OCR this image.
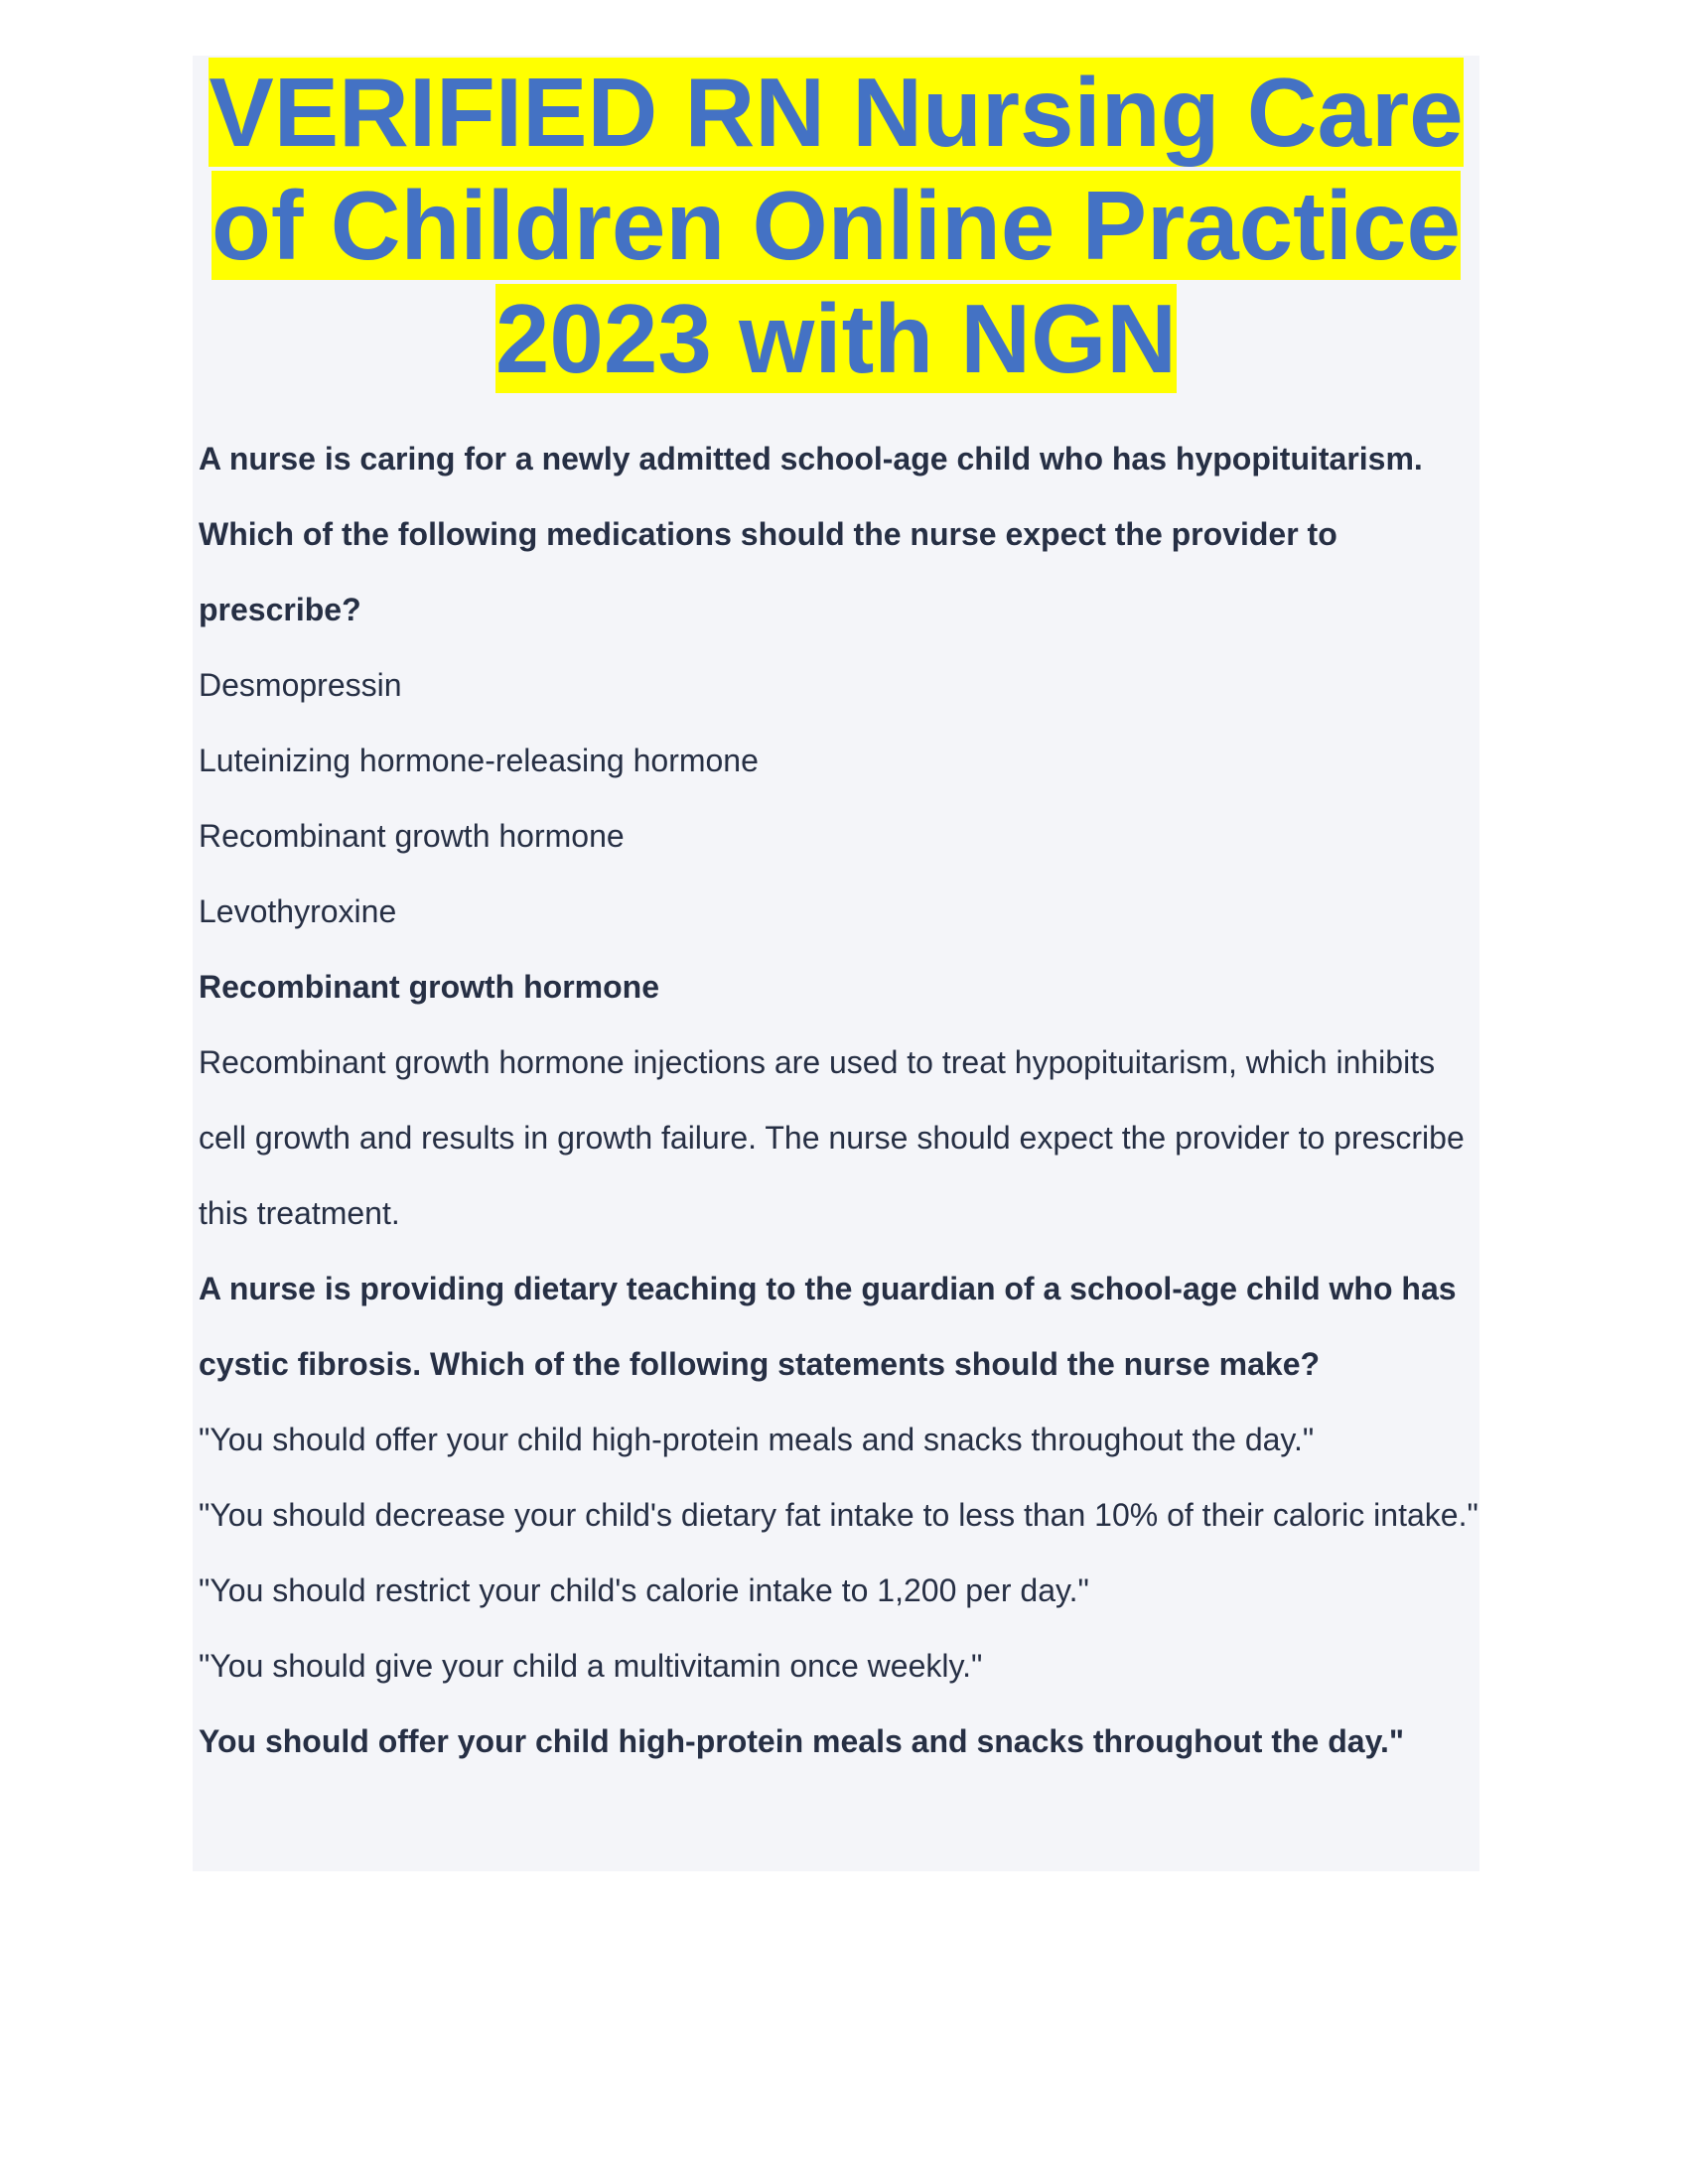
VERIFIED RN Nursing Care
of Children Online Practice
2023 with NGN

A nurse is caring for a newly admitted school-age child who has hypopituitarism. Which of the following medications should the nurse expect the provider to prescribe?

Desmopressin

Luteinizing hormone-releasing hormone

Recombinant growth hormone

Levothyroxine

Recombinant growth hormone

Recombinant growth hormone injections are used to treat hypopituitarism, which inhibits cell growth and results in growth failure. The nurse should expect the provider to prescribe this treatment.

A nurse is providing dietary teaching to the guardian of a school-age child who has cystic fibrosis. Which of the following statements should the nurse make?

"You should offer your child high-protein meals and snacks throughout the day."

"You should decrease your child's dietary fat intake to less than 10% of their caloric intake."

"You should restrict your child's calorie intake to 1,200 per day."

"You should give your child a multivitamin once weekly."

You should offer your child high-protein meals and snacks throughout the day."
